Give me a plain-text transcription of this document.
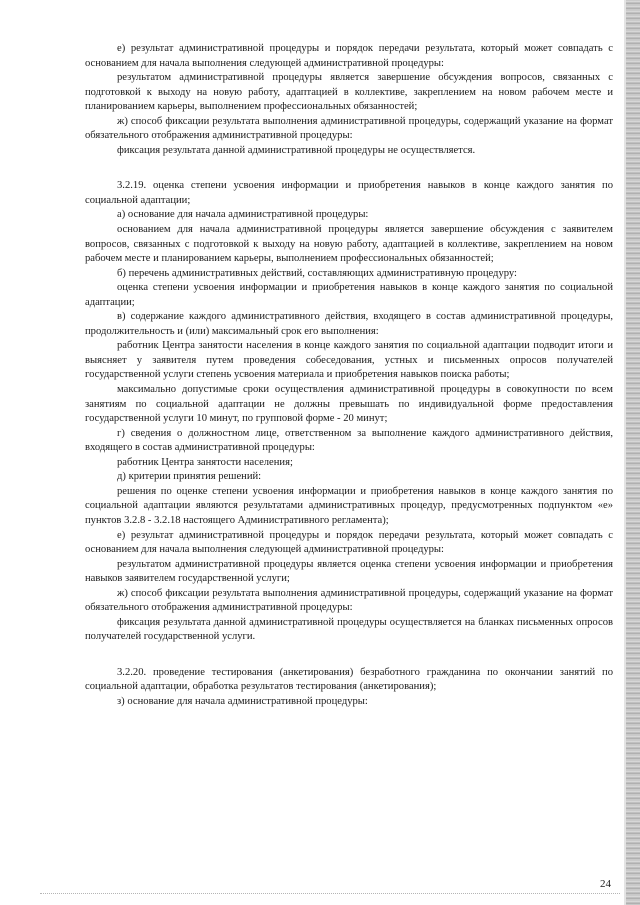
е) результат административной процедуры и порядок передачи результата, который может совпадать с основанием для начала выполнения следующей административной процедуры:

результатом административной процедуры является завершение обсуждения вопросов, связанных с подготовкой к выходу на новую работу, адаптацией в коллективе, закреплением на новом рабочем месте и планированием карьеры, выполнением профессиональных обязанностей;

ж) способ фиксации результата выполнения административной процедуры, содержащий указание на формат обязательного отображения административной процедуры:

фиксация результата данной административной процедуры не осуществляется.

3.2.19. оценка степени усвоения информации и приобретения навыков в конце каждого занятия по социальной адаптации;

а) основание для начала административной процедуры:

основанием для начала административной процедуры является завершение обсуждения с заявителем вопросов, связанных с подготовкой к выходу на новую работу, адаптацией в коллективе, закреплением на новом рабочем месте и планированием карьеры, выполнением профессиональных обязанностей;

б) перечень административных действий, составляющих административную процедуру:

оценка степени усвоения информации и приобретения навыков в конце каждого занятия по социальной адаптации;

в) содержание каждого административного действия, входящего в состав административной процедуры, продолжительность и (или) максимальный срок его выполнения:

работник Центра занятости населения в конце каждого занятия по социальной адаптации подводит итоги и выясняет у заявителя путем проведения собеседования, устных и письменных опросов получателей государственной услуги степень усвоения материала и приобретения навыков поиска работы;

максимально допустимые сроки осуществления административной процедуры в совокупности по всем занятиям по социальной адаптации не должны превышать по индивидуальной форме предоставления государственной услуги 10 минут, по групповой форме - 20 минут;

г) сведения о должностном лице, ответственном за выполнение каждого административного действия, входящего в состав административной процедуры:

работник Центра занятости населения;

д) критерии принятия решений:

решения по оценке степени усвоения информации и приобретения навыков в конце каждого занятия по социальной адаптации являются результатами административных процедур, предусмотренных подпунктом «е» пунктов 3.2.8 - 3.2.18 настоящего Административного регламента);

е) результат административной процедуры и порядок передачи результата, который может совпадать с основанием для начала выполнения следующей административной процедуры:

результатом административной процедуры является оценка степени усвоения информации и приобретения навыков заявителем государственной услуги;

ж) способ фиксации результата выполнения административной процедуры, содержащий указание на формат обязательного отображения административной процедуры:

фиксация результата данной административной процедуры осуществляется на бланках письменных опросов получателей государственной услуги.

3.2.20. проведение тестирования (анкетирования) безработного гражданина по окончании занятий по социальной адаптации, обработка результатов тестирования (анкетирования);

з) основание для начала административной процедуры:

24
